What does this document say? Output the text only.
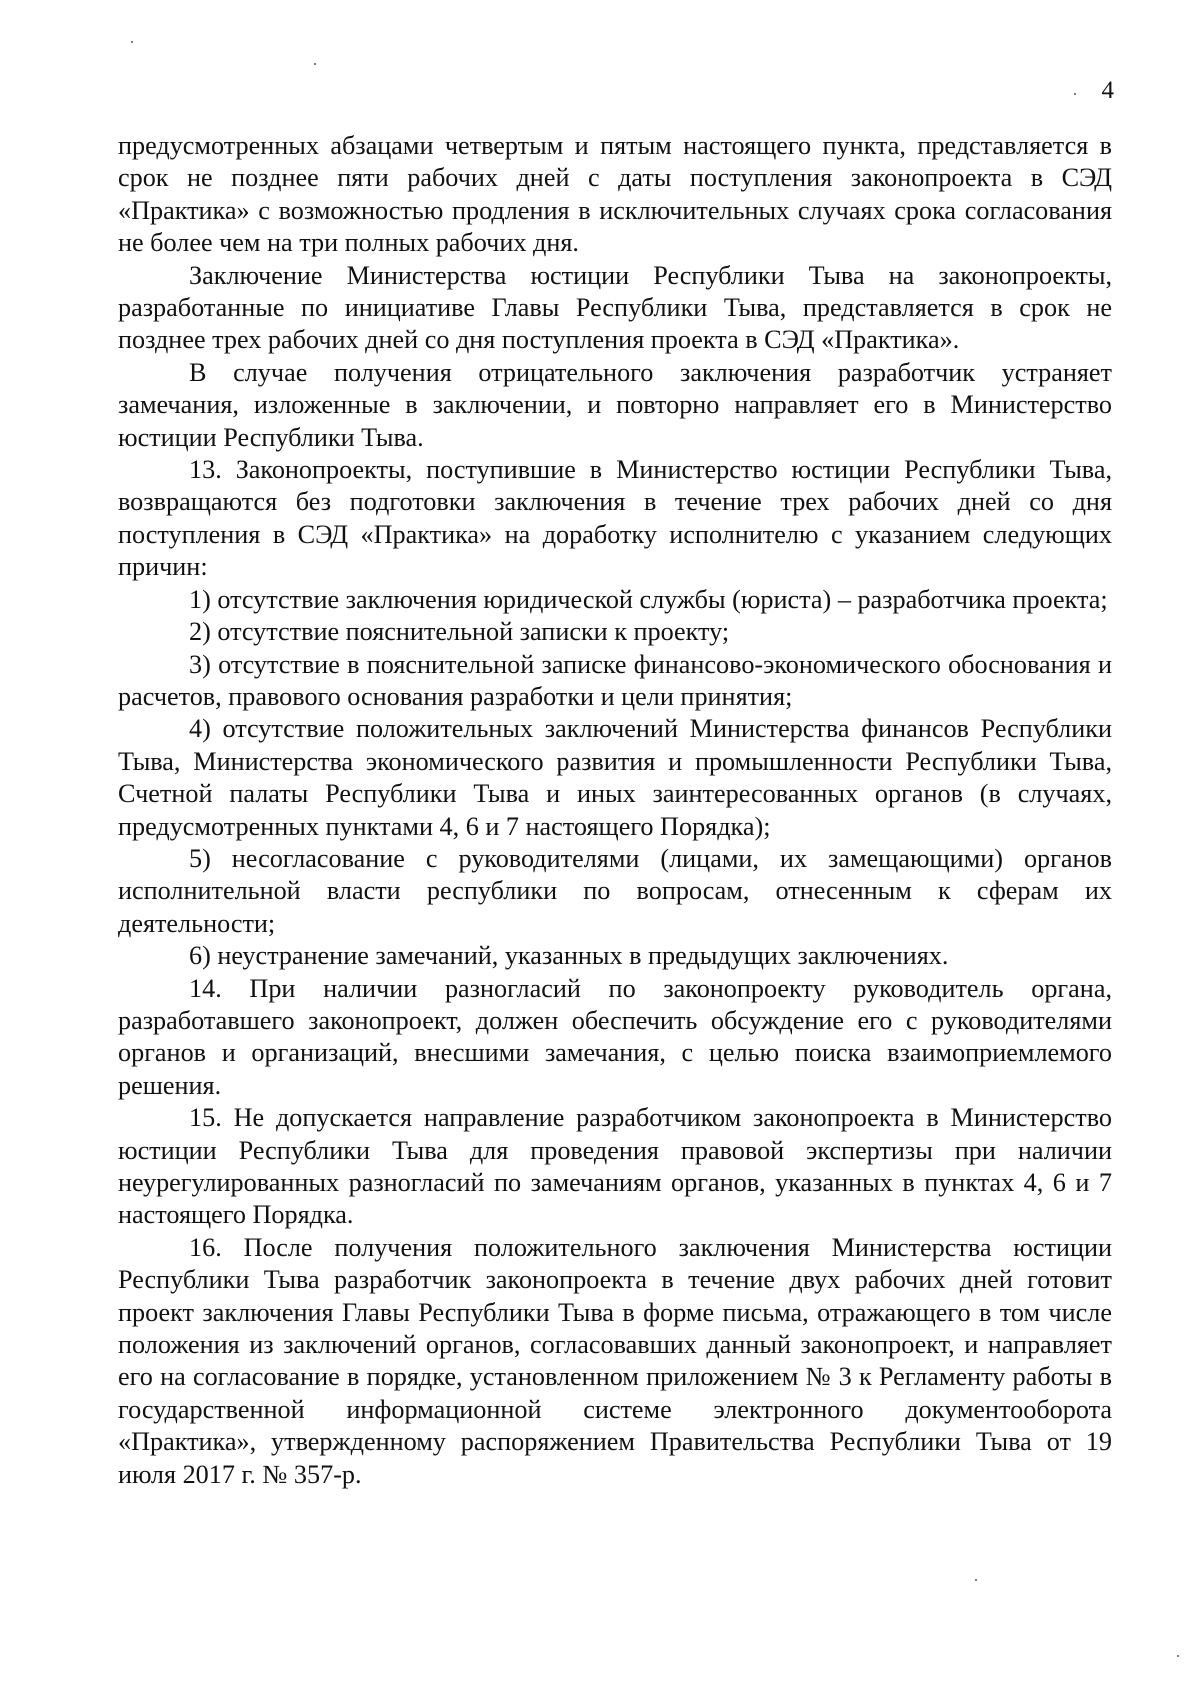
4

предусмотренных абзацами четвертым и пятым настоящего пункта, представляется в срок не позднее пяти рабочих дней с даты поступления законопроекта в СЭД «Практика» с возможностью продления в исключительных случаях срока согласования не более чем на три полных рабочих дня.

Заключение Министерства юстиции Республики Тыва на законопроекты, разработанные по инициативе Главы Республики Тыва, представляется в срок не позднее трех рабочих дней со дня поступления проекта в СЭД «Практика».

В случае получения отрицательного заключения разработчик устраняет замечания, изложенные в заключении, и повторно направляет его в Министерство юстиции Республики Тыва.

13. Законопроекты, поступившие в Министерство юстиции Республики Тыва, возвращаются без подготовки заключения в течение трех рабочих дней со дня поступления в СЭД «Практика» на доработку исполнителю с указанием следующих причин:

1) отсутствие заключения юридической службы (юриста) – разработчика проекта;

2) отсутствие пояснительной записки к проекту;

3) отсутствие в пояснительной записке финансово-экономического обоснования и расчетов, правового основания разработки и цели принятия;

4) отсутствие положительных заключений Министерства финансов Республики Тыва, Министерства экономического развития и промышленности Республики Тыва, Счетной палаты Республики Тыва и иных заинтересованных органов (в случаях, предусмотренных пунктами 4, 6 и 7 настоящего Порядка);

5) несогласование с руководителями (лицами, их замещающими) органов исполнительной власти республики по вопросам, отнесенным к сферам их деятельности;

6) неустранение замечаний, указанных в предыдущих заключениях.

14. При наличии разногласий по законопроекту руководитель органа, разработавшего законопроект, должен обеспечить обсуждение его с руководителями органов и организаций, внесшими замечания, с целью поиска взаимоприемлемого решения.

15. Не допускается направление разработчиком законопроекта в Министерство юстиции Республики Тыва для проведения правовой экспертизы при наличии неурегулированных разногласий по замечаниям органов, указанных в пунктах 4, 6 и 7 настоящего Порядка.

16. После получения положительного заключения Министерства юстиции Республики Тыва разработчик законопроекта в течение двух рабочих дней готовит проект заключения Главы Республики Тыва в форме письма, отражающего в том числе положения из заключений органов, согласовавших данный законопроект, и направляет его на согласование в порядке, установленном приложением № 3 к Регламенту работы в государственной информационной системе электронного документооборота «Практика», утвержденному распоряжением Правительства Республики Тыва от 19 июля 2017 г. № 357-р.
